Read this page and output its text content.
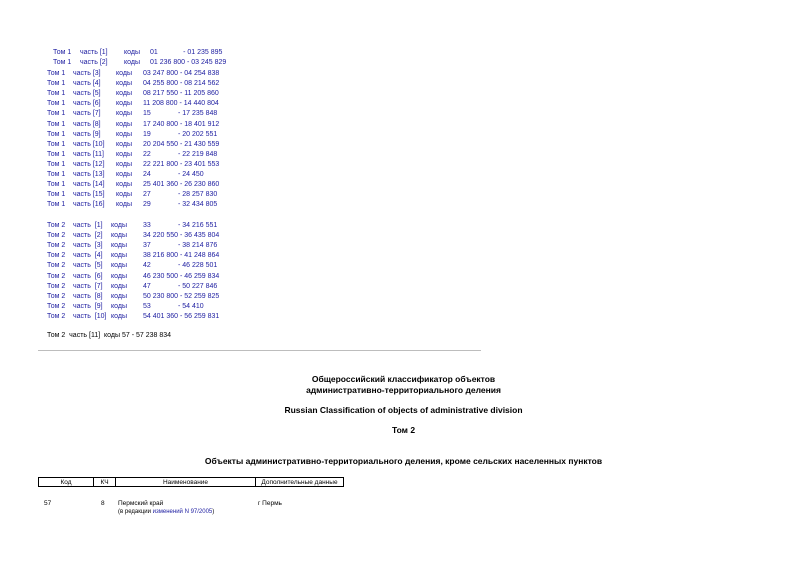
Том 1 часть [1] коды 01             - 01 235 895
Том 1 часть [2] коды 01 236 800 - 03 245 829
Том 1 часть [3] коды 03 247 800 - 04 254 838
Том 1 часть [4] коды 04 255 800 - 08 214 562
Том 1 часть [5] коды 08 217 550 - 11 205 860
Том 1 часть [6] коды 11 208 800 - 14 440 804
Том 1 часть [7] коды 15              - 17 235 848
Том 1 часть [8] коды 17 240 800 - 18 401 912
Том 1 часть [9] коды 19              - 20 202 551
Том 1 часть [10] коды 20 204 550 - 21 430 559
Том 1 часть [11] коды 22              - 22 219 848
Том 1 часть [12] коды 22 221 800 - 23 401 553
Том 1 часть [13] коды 24              - 24 450
Том 1 часть [14] коды 25 401 360 - 26 230 860
Том 1 часть [15] коды 27              - 28 257 830
Том 1 часть [16] коды 29              - 32 434 805
Том 2 часть  [1] коды 33              - 34 216 551
Том 2 часть  [2] коды 34 220 550 - 36 435 804
Том 2 часть  [3] коды 37              - 38 214 876
Том 2 часть  [4] коды 38 216 800 - 41 248 864
Том 2 часть  [5] коды 42              - 46 228 501
Том 2 часть  [6] коды 46 230 500 - 46 259 834
Том 2 часть  [7] коды 47              - 50 227 846
Том 2 часть  [8] коды 50 230 800 - 52 259 825
Том 2 часть  [9] коды 53              - 54 410
Том 2 часть  [10] коды 54 401 360 - 56 259 831
Том 2  часть [11]  коды 57 - 57 238 834
Общероссийский классификатор объектов
административно-территориального деления
Russian Classification of objects of administrative division
Том 2
Объекты административно-территориального деления, кроме сельских населенных пунктов
Код	КЧ	Наименование	Дополнительные данные
57	8 Пермский край	г Пермь
(в редакции изменений N 97/2005)
